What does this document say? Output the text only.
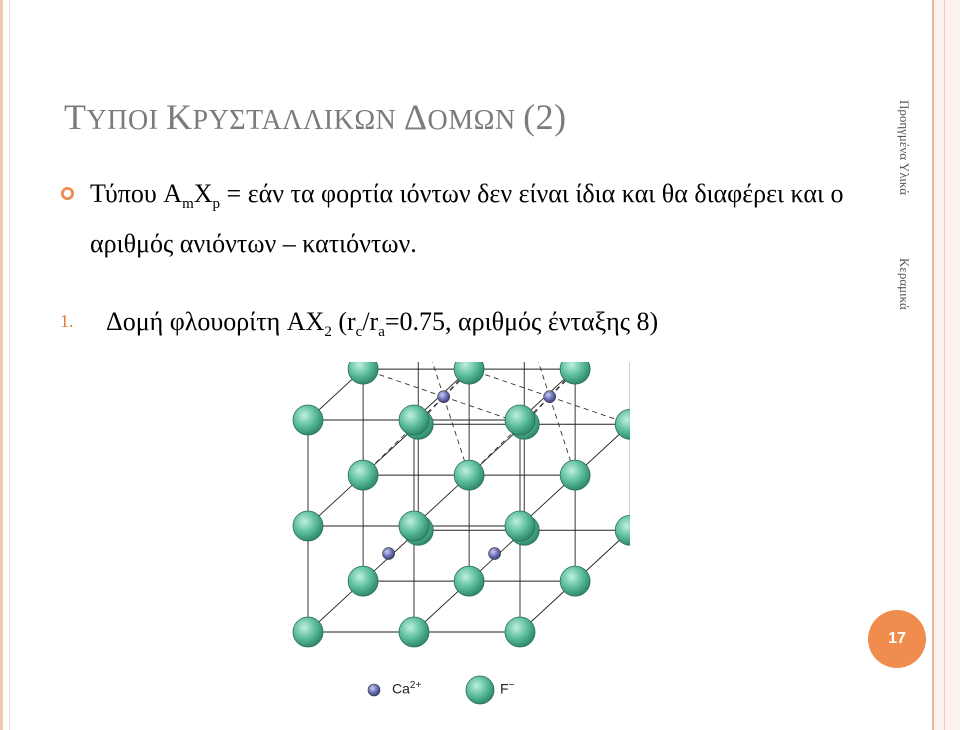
ΤΥΠΟΙ ΚΡΥΣΤΑΛΛΙΚΩΝ ΔΟΜΩΝ (2)

Τύπου $A_mX_p = \varepsilon ά\nu$ τα φορτία ιόντων δεν είναι ίδια και θα διαφέρει και ο αριθμός ανιόντων – κατιόντων.

1. Δομή φλουορίτη $AX_2$ ($r_c/r_a=0.75$, αριθμός ένταξης 8)

Προηγμένα Υλικά
Κεραμικά
17
$Ca^{2+}$	F−
